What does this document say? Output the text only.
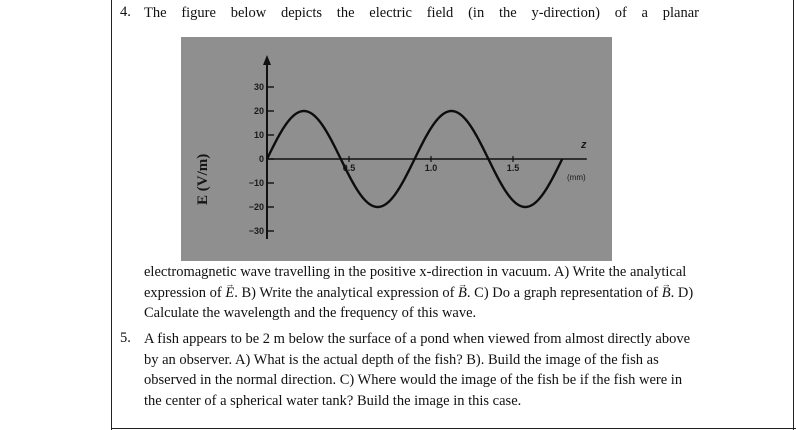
4. The figure below depicts the electric field (in the y-direction) of a planar
30
20
10
0
−10
−20
−30
0.5	1.0	1.5
E (V/m)
z
(mm)
electromagnetic wave travelling in the positive x-direction in vacuum. A) Write the analytical expression of → E. B) Write the analytical expression of → B. C) Do a graph representation of → B. D) Calculate the wavelength and the frequency of this wave.
5. A fish appears to be 2 m below the surface of a pond when viewed from almost directly above by an observer. A) What is the actual depth of the fish? B). Build the image of the fish as observed in the normal direction. C) Where would the image of the fish be if the fish were in the center of a spherical water tank? Build the image in this case.
